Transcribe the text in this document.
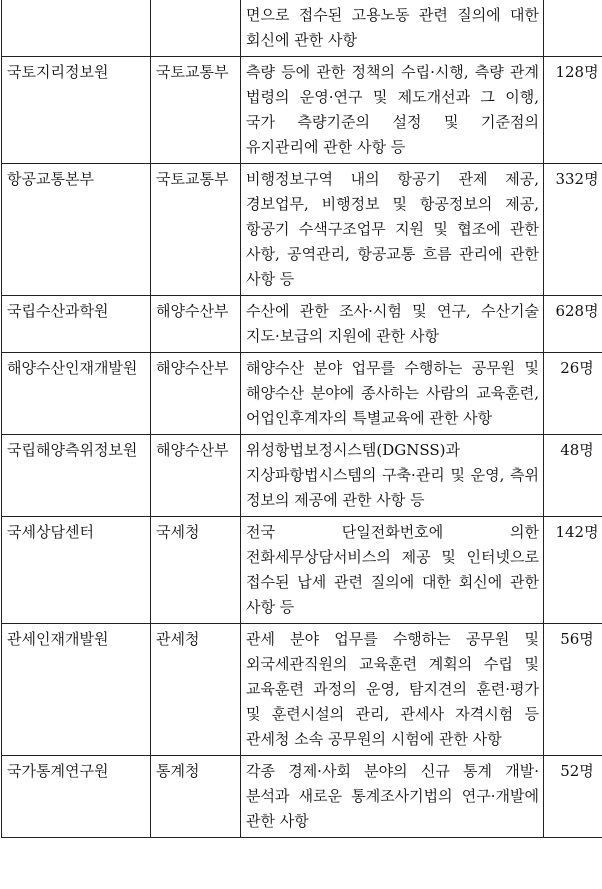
		면으로 접수된 고용노동 관련 질의에 대한 회신에 관한 사항	
국토지리정보원	국토교통부	측량 등에 관한 정책의 수립·시행, 측량 관계 법령의 운영·연구 및 제도개선과 그 이행, 국가 측량기준의 설정 및 기준점의 유지관리에 관한 사항 등	128명
항공교통본부	국토교통부	비행정보구역 내의 항공기 관제 제공, 경보업무, 비행정보 및 항공정보의 제공, 항공기 수색구조업무 지원 및 협조에 관한 사항, 공역관리, 항공교통 흐름 관리에 관한 사항 등	332명
국립수산과학원	해양수산부	수산에 관한 조사·시험 및 연구, 수산기술 지도·보급의 지원에 관한 사항	628명
해양수산인재개발원	해양수산부	해양수산 분야 업무를 수행하는 공무원 및 해양수산 분야에 종사하는 사람의 교육훈련, 어업인후계자의 특별교육에 관한 사항	26명
국립해양측위정보원	해양수산부	위성항법보정시스템(DGNSS)과 지상파항법시스템의 구축·관리 및 운영, 측위 정보의 제공에 관한 사항 등	48명
국세상담센터	국세청	전국 단일전화번호에 의한 전화세무상담서비스의 제공 및 인터넷으로 접수된 납세 관련 질의에 대한 회신에 관한 사항 등	142명
관세인재개발원	관세청	관세 분야 업무를 수행하는 공무원 및 외국세관직원의 교육훈련 계획의 수립 및 교육훈련 과정의 운영, 탐지견의 훈련·평가 및 훈련시설의 관리, 관세사 자격시험 등 관세청 소속 공무원의 시험에 관한 사항	56명
국가통계연구원	통계청	각종 경제·사회 분야의 신규 통계 개발·분석과 새로운 통계조사기법의 연구·개발에 관한 사항	52명
